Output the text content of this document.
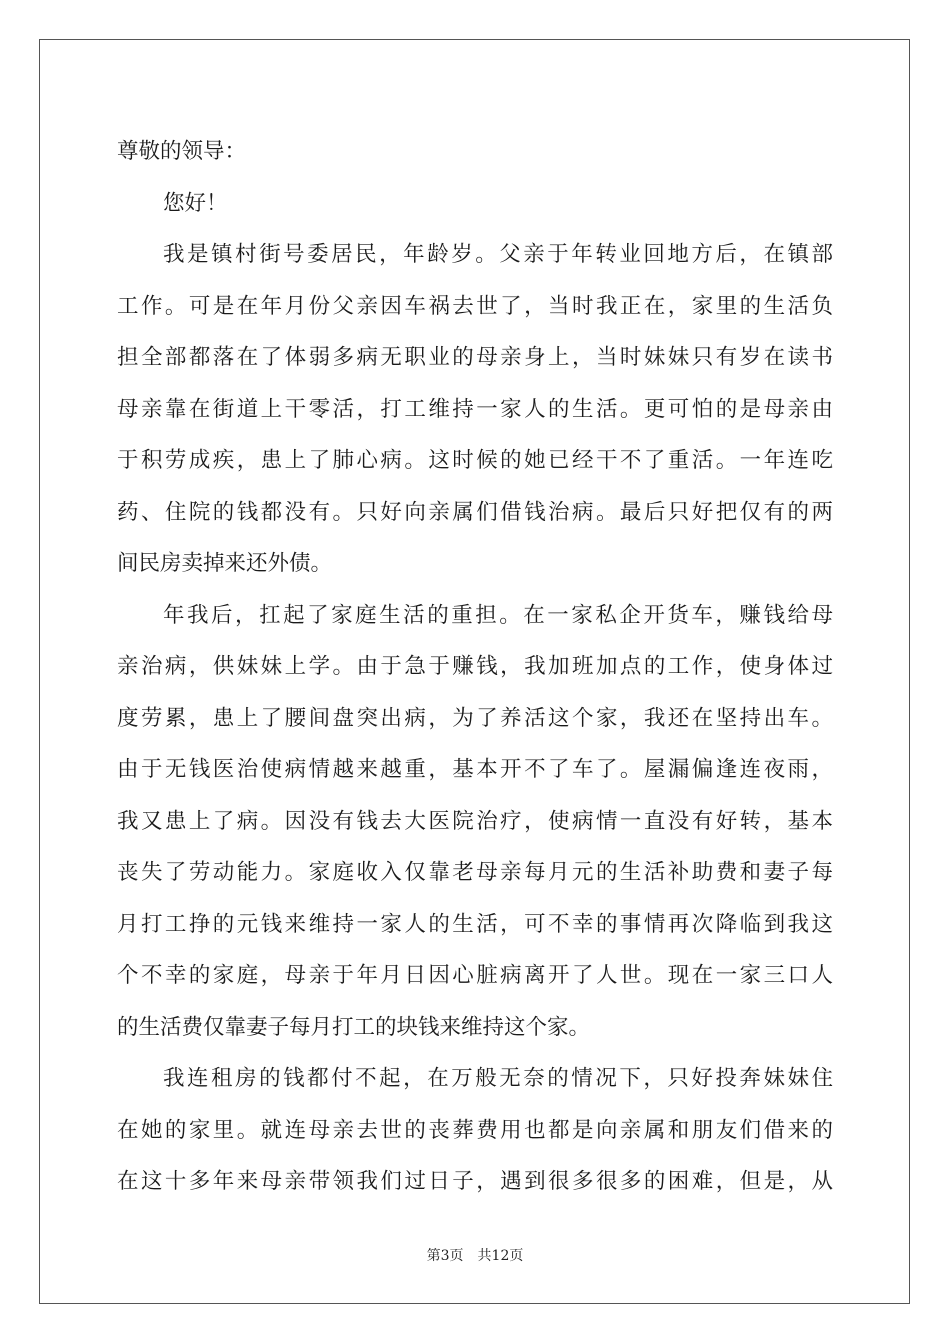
尊敬的领导：
您好！
我是镇村街号委居民，年龄岁。父亲于年转业回地方后，在镇部
工作。可是在年月份父亲因车祸去世了，当时我正在，家里的生活负
担全部都落在了体弱多病无职业的母亲身上，当时妹妹只有岁在读书
母亲靠在街道上干零活，打工维持一家人的生活。更可怕的是母亲由
于积劳成疾，患上了肺心病。这时候的她已经干不了重活。一年连吃
药、住院的钱都没有。只好向亲属们借钱治病。最后只好把仅有的两
间民房卖掉来还外债。
年我后，扛起了家庭生活的重担。在一家私企开货车，赚钱给母
亲治病，供妹妹上学。由于急于赚钱，我加班加点的工作，使身体过
度劳累，患上了腰间盘突出病，为了养活这个家，我还在坚持出车。
由于无钱医治使病情越来越重，基本开不了车了。屋漏偏逢连夜雨，
我又患上了病。因没有钱去大医院治疗，使病情一直没有好转，基本
丧失了劳动能力。家庭收入仅靠老母亲每月元的生活补助费和妻子每
月打工挣的元钱来维持一家人的生活，可不幸的事情再次降临到我这
个不幸的家庭，母亲于年月日因心脏病离开了人世。现在一家三口人
的生活费仅靠妻子每月打工的块钱来维持这个家。
我连租房的钱都付不起，在万般无奈的情况下，只好投奔妹妹住
在她的家里。就连母亲去世的丧葬费用也都是向亲属和朋友们借来的
在这十多年来母亲带领我们过日子，遇到很多很多的困难，但是，从
第3页 共12页
